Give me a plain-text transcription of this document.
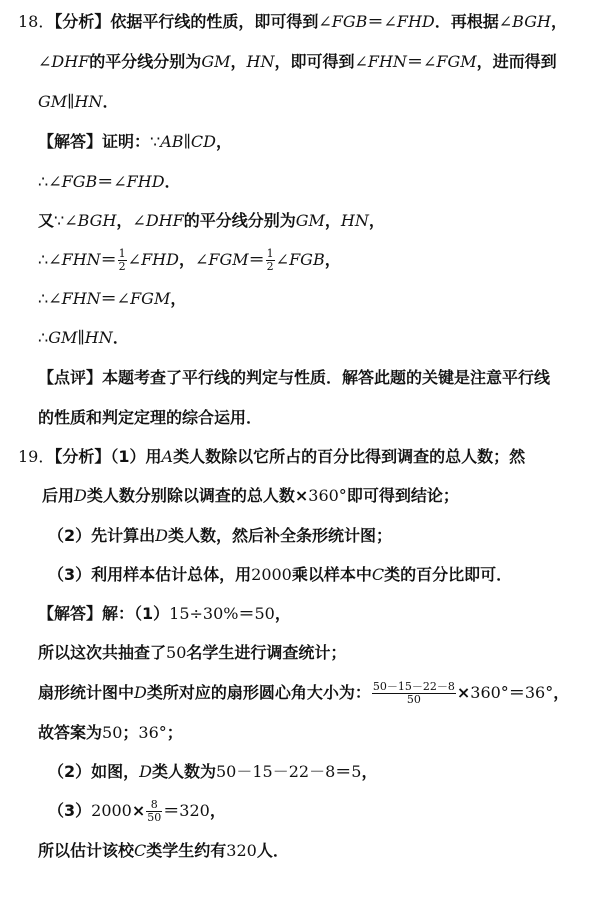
18．【分析】依据平行线的性质，即可得到∠FGB＝∠FHD．再根据∠BGH，
∠DHF的平分线分别为GM，HN，即可得到∠FHN＝∠FGM，进而得到
GM∥HN．
【解答】证明：∵AB∥CD，
∴∠FGB＝∠FHD．
又∵∠BGH，∠DHF的平分线分别为GM，HN，
∴∠FHN＝ $\frac{1}{2}$ ∠FHD，∠FGM＝ $\frac{1}{2}$ ∠FGB，
∴∠FHN＝∠FGM，
∴GM∥HN．
【点评】本题考查了平行线的判定与性质．解答此题的关键是注意平行线
的性质和判定定理的综合运用．
19．【分析】（1）用A类人数除以它所占的百分比得到调查的总人数；然
后用D类人数分别除以调查的总人数×360°即可得到结论；
（2）先计算出D类人数，然后补全条形统计图；
（3）利用样本估计总体，用2000乘以样本中C类的百分比即可．
【解答】解：（1）15÷30%＝50，
所以这次共抽查了50名学生进行调查统计；
扇形统计图中D类所对应的扇形圆心角大小为： $\frac{50-15-22-8}{50} \times 360^\circ=36^\circ$，
故答案为50；36°；
（2）如图，D类人数为50－15－22－8＝5，
$(3)2000\times \frac{8}{50} =320$，
所以估计该校C类学生约有320人．
